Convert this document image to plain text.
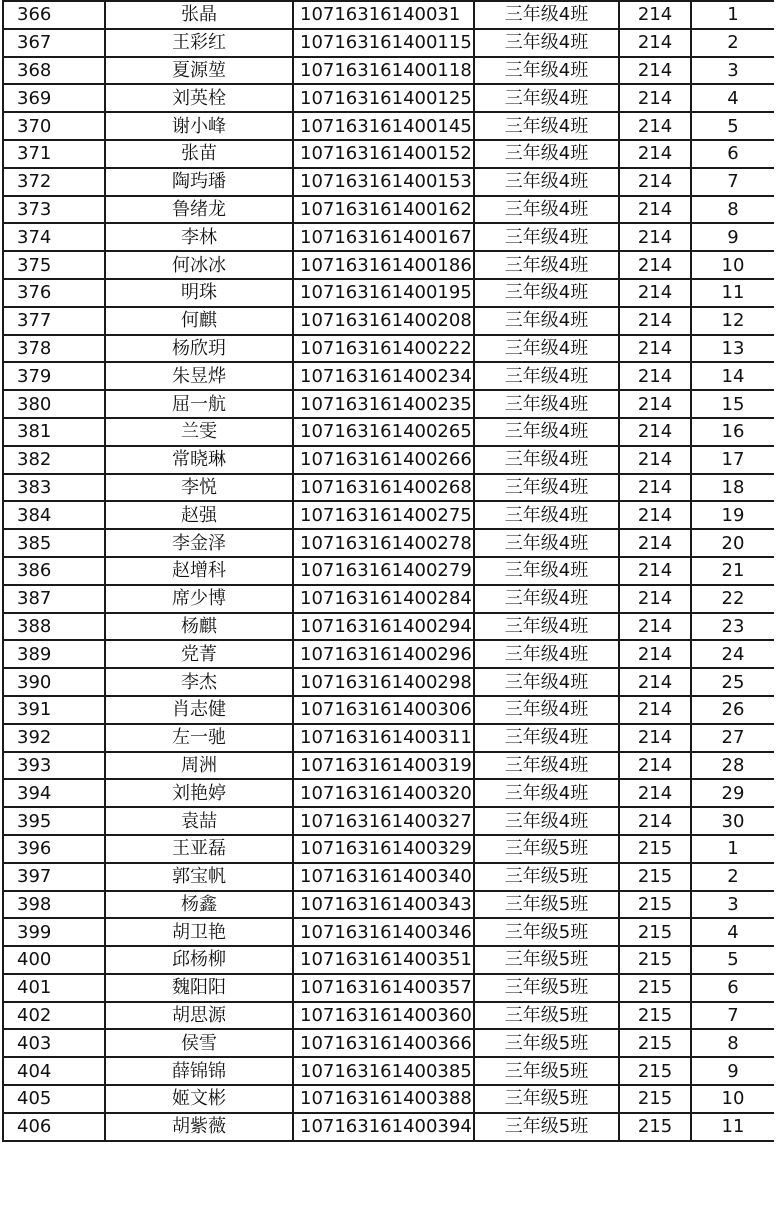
366	张晶	10716316140031	三年级4班	214	1
367	王彩红	107163161400115	三年级4班	214	2
368	夏源堃	107163161400118	三年级4班	214	3
369	刘英栓	107163161400125	三年级4班	214	4
370	谢小峰	107163161400145	三年级4班	214	5
371	张苗	107163161400152	三年级4班	214	6
372	陶玙璠	107163161400153	三年级4班	214	7
373	鲁绪龙	107163161400162	三年级4班	214	8
374	李林	107163161400167	三年级4班	214	9
375	何冰冰	107163161400186	三年级4班	214	10
376	明珠	107163161400195	三年级4班	214	11
377	何麒	107163161400208	三年级4班	214	12
378	杨欣玥	107163161400222	三年级4班	214	13
379	朱昱烨	107163161400234	三年级4班	214	14
380	屈一航	107163161400235	三年级4班	214	15
381	兰雯	107163161400265	三年级4班	214	16
382	常晓琳	107163161400266	三年级4班	214	17
383	李悦	107163161400268	三年级4班	214	18
384	赵强	107163161400275	三年级4班	214	19
385	李金泽	107163161400278	三年级4班	214	20
386	赵增科	107163161400279	三年级4班	214	21
387	席少博	107163161400284	三年级4班	214	22
388	杨麒	107163161400294	三年级4班	214	23
389	党菁	107163161400296	三年级4班	214	24
390	李杰	107163161400298	三年级4班	214	25
391	肖志健	107163161400306	三年级4班	214	26
392	左一驰	107163161400311	三年级4班	214	27
393	周洲	107163161400319	三年级4班	214	28
394	刘艳婷	107163161400320	三年级4班	214	29
395	袁喆	107163161400327	三年级4班	214	30
396	王亚磊	107163161400329	三年级5班	215	1
397	郭宝帆	107163161400340	三年级5班	215	2
398	杨鑫	107163161400343	三年级5班	215	3
399	胡卫艳	107163161400346	三年级5班	215	4
400	邱杨柳	107163161400351	三年级5班	215	5
401	魏阳阳	107163161400357	三年级5班	215	6
402	胡思源	107163161400360	三年级5班	215	7
403	侯雪	107163161400366	三年级5班	215	8
404	薛锦锦	107163161400385	三年级5班	215	9
405	姬文彬	107163161400388	三年级5班	215	10
406	胡紫薇	107163161400394	三年级5班	215	11
